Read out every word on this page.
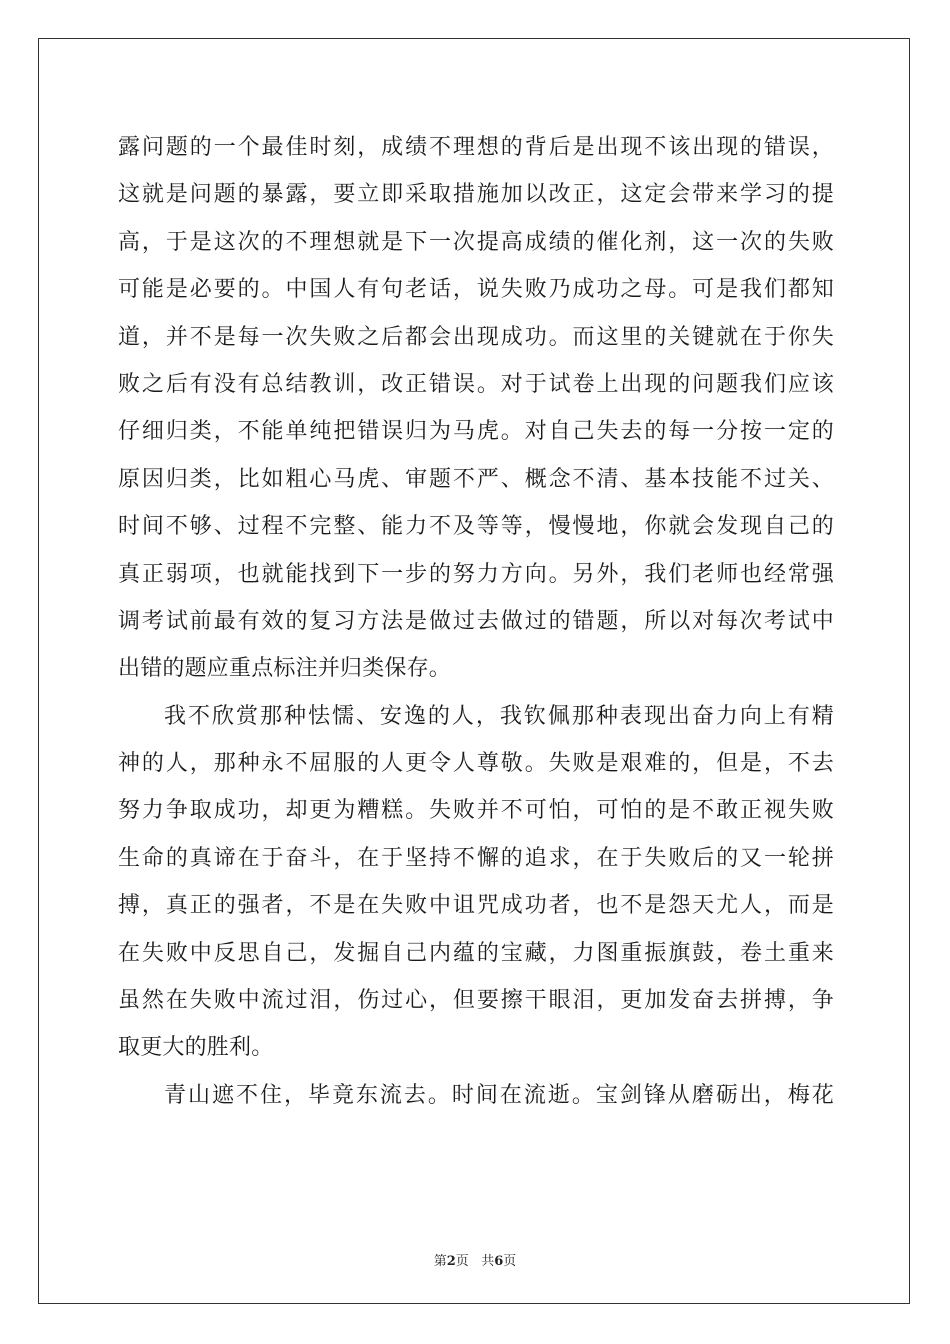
露问题的一个最佳时刻，成绩不理想的背后是出现不该出现的错误，
这就是问题的暴露，要立即采取措施加以改正，这定会带来学习的提
高，于是这次的不理想就是下一次提高成绩的催化剂，这一次的失败
可能是必要的。中国人有句老话，说失败乃成功之母。可是我们都知
道，并不是每一次失败之后都会出现成功。而这里的关键就在于你失
败之后有没有总结教训，改正错误。对于试卷上出现的问题我们应该
仔细归类，不能单纯把错误归为马虎。对自己失去的每一分按一定的
原因归类，比如粗心马虎、审题不严、概念不清、基本技能不过关、
时间不够、过程不完整、能力不及等等，慢慢地，你就会发现自己的
真正弱项，也就能找到下一步的努力方向。另外，我们老师也经常强
调考试前最有效的复习方法是做过去做过的错题，所以对每次考试中
出错的题应重点标注并归类保存。
我不欣赏那种怯懦、安逸的人，我钦佩那种表现出奋力向上有精
神的人，那种永不屈服的人更令人尊敬。失败是艰难的，但是，不去
努力争取成功，却更为糟糕。失败并不可怕，可怕的是不敢正视失败
生命的真谛在于奋斗，在于坚持不懈的追求，在于失败后的又一轮拼
搏，真正的强者，不是在失败中诅咒成功者，也不是怨天尤人，而是
在失败中反思自己，发掘自己内蕴的宝藏，力图重振旗鼓，卷土重来
虽然在失败中流过泪，伤过心，但要擦干眼泪，更加发奋去拼搏，争
取更大的胜利。
青山遮不住，毕竟东流去。时间在流逝。宝剑锋从磨砺出，梅花
第2页 共6页
